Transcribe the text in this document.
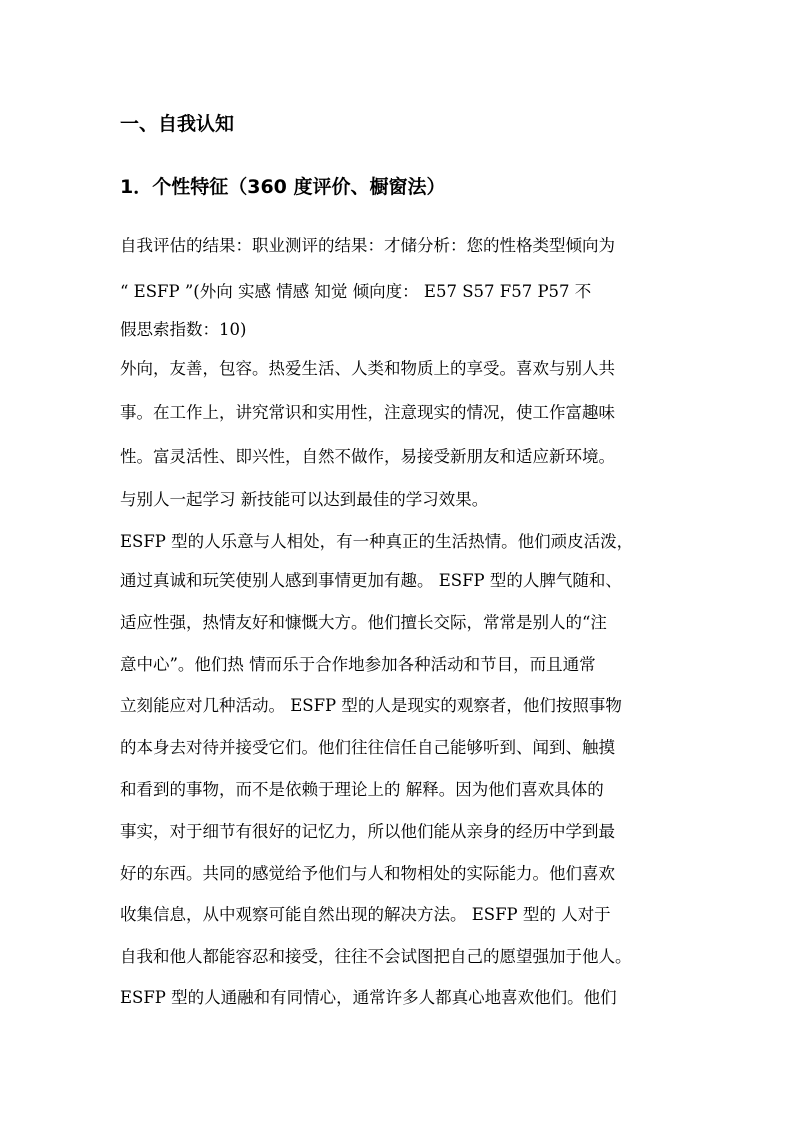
一、自我认知
1．个性特征（360 度评价、橱窗法）
自我评估的结果：职业测评的结果：才储分析：您的性格类型倾向为
“ ESFP ”(外向 实感 情感 知觉 倾向度： E57 S57 F57 P57 不
假思索指数：10)
外向，友善，包容。热爱生活、人类和物质上的享受。喜欢与别人共
事。在工作上，讲究常识和实用性，注意现实的情况，使工作富趣味
性。富灵活性、即兴性，自然不做作，易接受新朋友和适应新环境。
与别人一起学习 新技能可以达到最佳的学习效果。
ESFP 型的人乐意与人相处，有一种真正的生活热情。他们顽皮活泼，
通过真诚和玩笑使别人感到事情更加有趣。 ESFP 型的人脾气随和、
适应性强，热情友好和慷慨大方。他们擅长交际，常常是别人的“注
意中心”。他们热 情而乐于合作地参加各种活动和节目，而且通常
立刻能应对几种活动。 ESFP 型的人是现实的观察者，他们按照事物
的本身去对待并接受它们。他们往往信任自己能够听到、闻到、触摸
和看到的事物，而不是依赖于理论上的 解释。因为他们喜欢具体的
事实，对于细节有很好的记忆力，所以他们能从亲身的经历中学到最
好的东西。共同的感觉给予他们与人和物相处的实际能力。他们喜欢
收集信息，从中观察可能自然出现的解决方法。 ESFP 型的 人对于
自我和他人都能容忍和接受，往往不会试图把自己的愿望强加于他人。
ESFP 型的人通融和有同情心，通常许多人都真心地喜欢他们。他们
